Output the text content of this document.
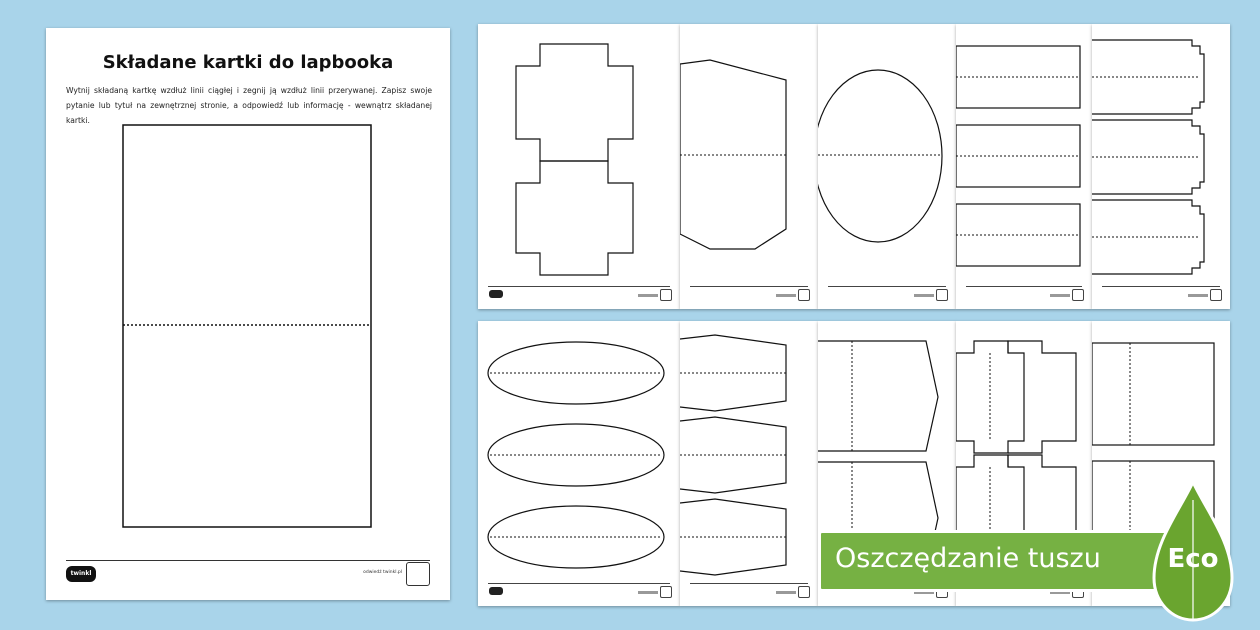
Składane kartki do lapbooka
Wytnij składaną kartkę wzdłuż linii ciągłej i zegnij ją wzdłuż linii przerywanej. Zapisz swoje pytanie lub tytuł na zewnętrznej stronie, a odpowiedź lub informację - wewnątrz składanej kartki.
twinkl	odwiedź twinkl.pl	Oszczędzanie tuszu	Eco
